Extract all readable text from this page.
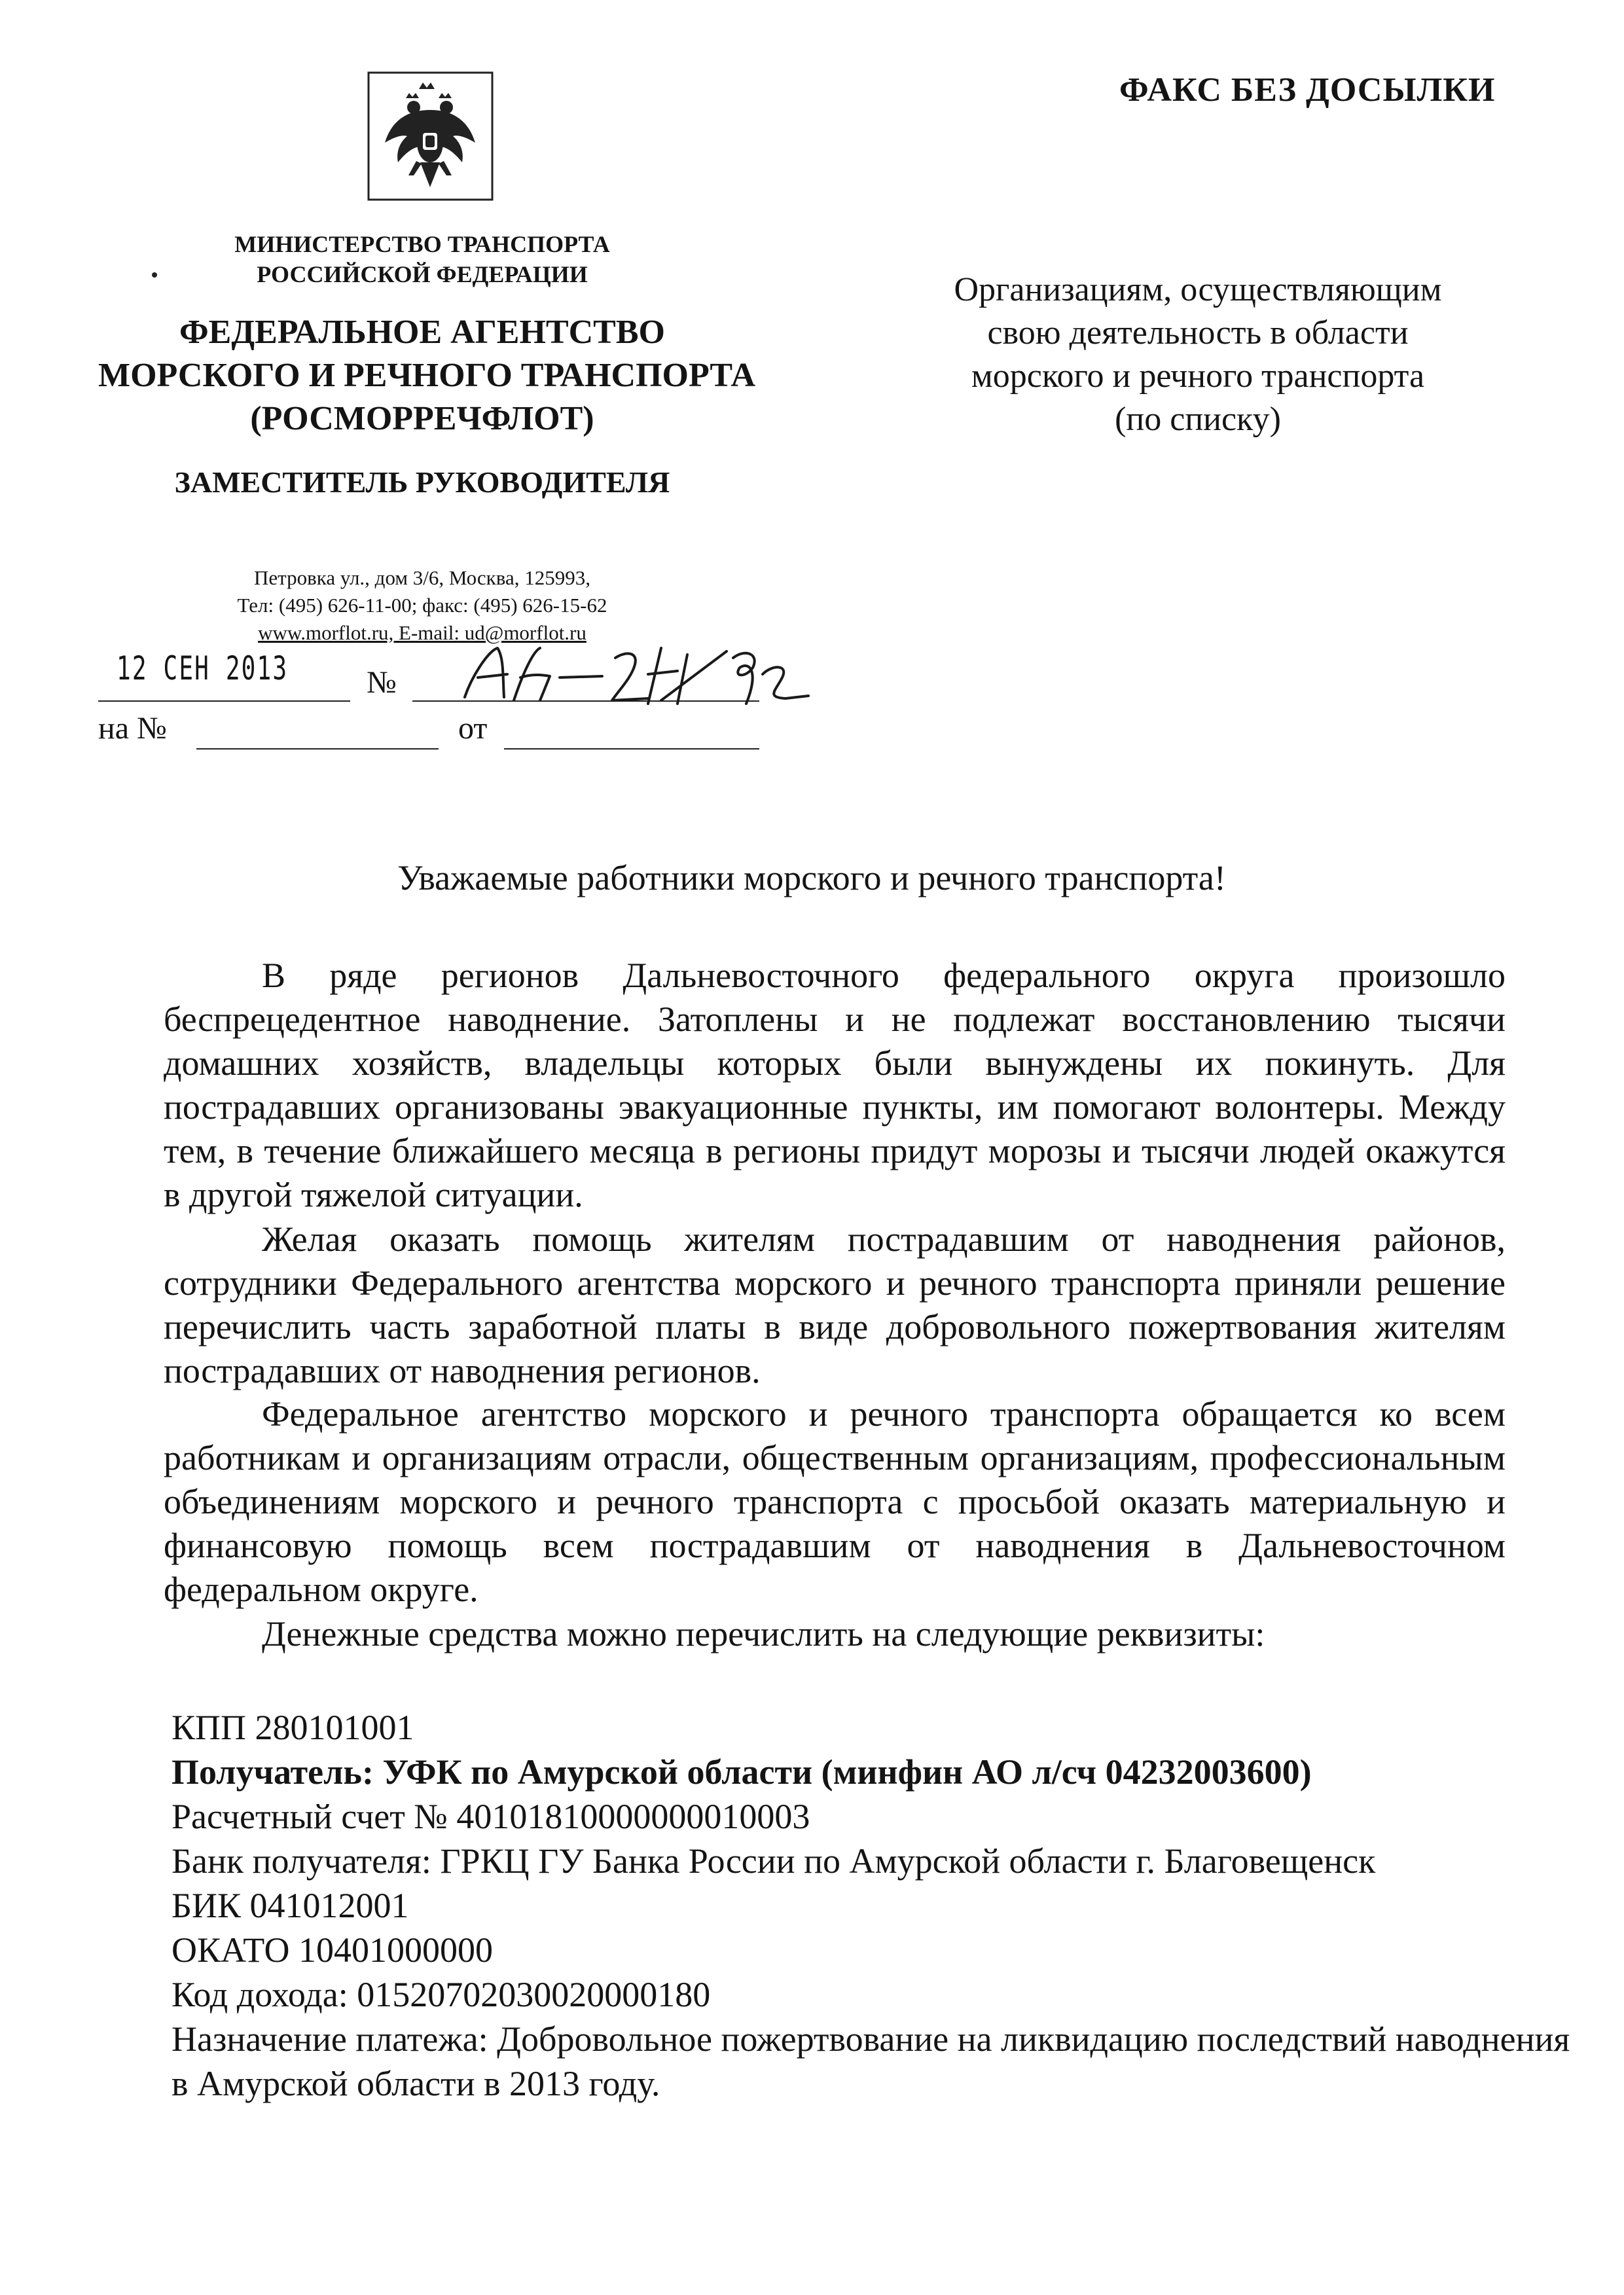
ФАКС БЕЗ ДОСЫЛКИ
МИНИСТЕРСТВО ТРАНСПОРТА
РОССИЙСКОЙ ФЕДЕРАЦИИ
ФЕДЕРАЛЬНОЕ АГЕНТСТВО
МОРСКОГО И РЕЧНОГО ТРАНСПОРТА
(РОСМОРРЕЧФЛОТ)
ЗАМЕСТИТЕЛЬ РУКОВОДИТЕЛЯ
Петровка ул., дом 3/6, Москва, 125993,
Тел: (495) 626-11-00; факс: (495) 626-15-62
www.morflot.ru, E-mail: ud@morflot.ru
Организациям, осуществляющим
свою деятельность в области
морского и речного транспорта
(по списку)
12 СЕН 2013 №
на №	от
Уважаемые работники морского и речного транспорта!
В ряде регионов Дальневосточного федерального округа произошло беспрецедентное наводнение. Затоплены и не подлежат восстановлению тысячи домашних хозяйств, владельцы которых были вынуждены их покинуть. Для пострадавших организованы эвакуационные пункты, им помогают волонтеры. Между тем, в течение ближайшего месяца в регионы придут морозы и тысячи людей окажутся в другой тяжелой ситуации.
Желая оказать помощь жителям пострадавшим от наводнения районов, сотрудники Федерального агентства морского и речного транспорта приняли решение перечислить часть заработной платы в виде добровольного пожертвования жителям пострадавших от наводнения регионов.
Федеральное агентство морского и речного транспорта обращается ко всем работникам и организациям отрасли, общественным организациям, профессиональным объединениям морского и речного транспорта с просьбой оказать материальную и финансовую помощь всем пострадавшим от наводнения в Дальневосточном федеральном округе.
Денежные средства можно перечислить на следующие реквизиты:
КПП 280101001
Получатель: УФК по Амурской области (минфин АО л/сч 04232003600)
Расчетный счет № 40101810000000010003
Банк получателя: ГРКЦ ГУ Банка России по Амурской области г. Благовещенск
БИК 041012001
ОКАТО 10401000000
Код дохода: 01520702030020000180
Назначение платежа: Добровольное пожертвование на ликвидацию последствий наводнения в Амурской области в 2013 году.
